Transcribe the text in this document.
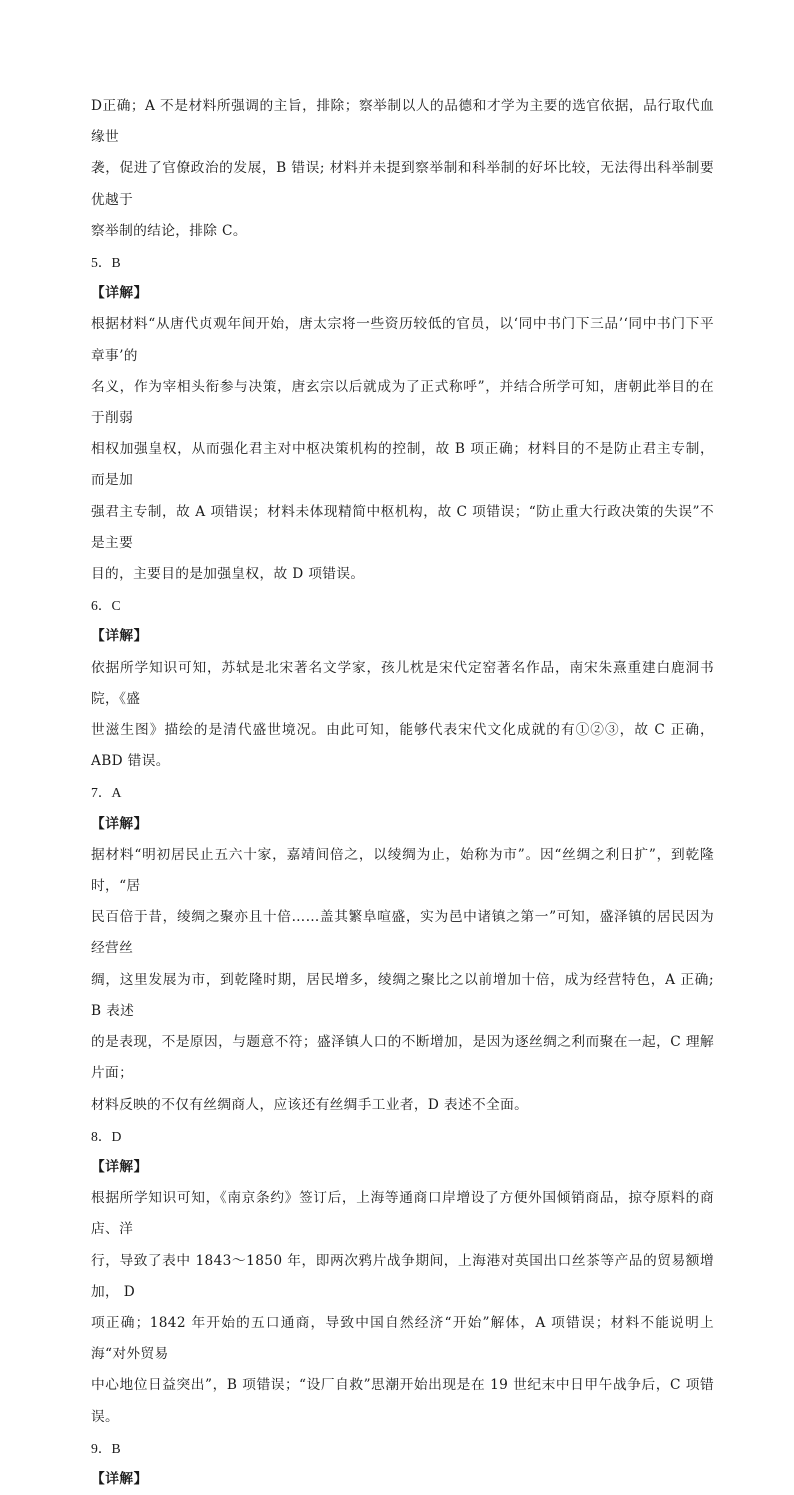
D正确；A 不是材料所强调的主旨，排除；察举制以人的品德和才学为主要的选官依据，品行取代血缘世
袭，促进了官僚政治的发展，B 错误; 材料并未提到察举制和科举制的好坏比较，无法得出科举制要优越于
察举制的结论，排除 C。

5．B

【详解】

根据材料“从唐代贞观年间开始，唐太宗将一些资历较低的官员，以‘同中书门下三品’‘同中书门下平章事’的
名义，作为宰相头衔参与决策，唐玄宗以后就成为了正式称呼”，并结合所学可知，唐朝此举目的在于削弱
相权加强皇权，从而强化君主对中枢决策机构的控制，故 B 项正确；材料目的不是防止君主专制，而是加
强君主专制，故 A 项错误；材料未体现精简中枢机构，故 C 项错误；“防止重大行政决策的失误”不是主要
目的，主要目的是加强皇权，故 D 项错误。

6．C

【详解】

依据所学知识可知，苏轼是北宋著名文学家，孩儿枕是宋代定窑著名作品，南宋朱熹重建白鹿洞书院，《盛
世滋生图》描绘的是清代盛世境况。由此可知，能够代表宋代文化成就的有①②③，故 C 正确，ABD 错误。

7．A

【详解】

据材料“明初居民止五六十家，嘉靖间倍之，以绫绸为止，始称为市”。因“丝绸之利日扩”，到乾隆时，“居
民百倍于昔，绫绸之聚亦且十倍……盖其繁阜喧盛，实为邑中诸镇之第一”可知，盛泽镇的居民因为经营丝
绸，这里发展为市，到乾隆时期，居民增多，绫绸之聚比之以前增加十倍，成为经营特色，A 正确; B 表述
的是表现，不是原因，与题意不符；盛泽镇人口的不断增加，是因为逐丝绸之利而聚在一起，C 理解片面；
材料反映的不仅有丝绸商人，应该还有丝绸手工业者，D 表述不全面。

8．D

【详解】

根据所学知识可知，《南京条约》签订后，上海等通商口岸增设了方便外国倾销商品，掠夺原料的商店、洋
行，导致了表中 1843～1850 年，即两次鸦片战争期间，上海港对英国出口丝茶等产品的贸易额增加， D
项正确；1842 年开始的五口通商，导致中国自然经济“开始”解体，A 项错误；材料不能说明上海“对外贸易
中心地位日益突出”，B 项错误；“设厂自救”思潮开始出现是在 19 世纪末中日甲午战争后，C 项错误。

9．B

【详解】
